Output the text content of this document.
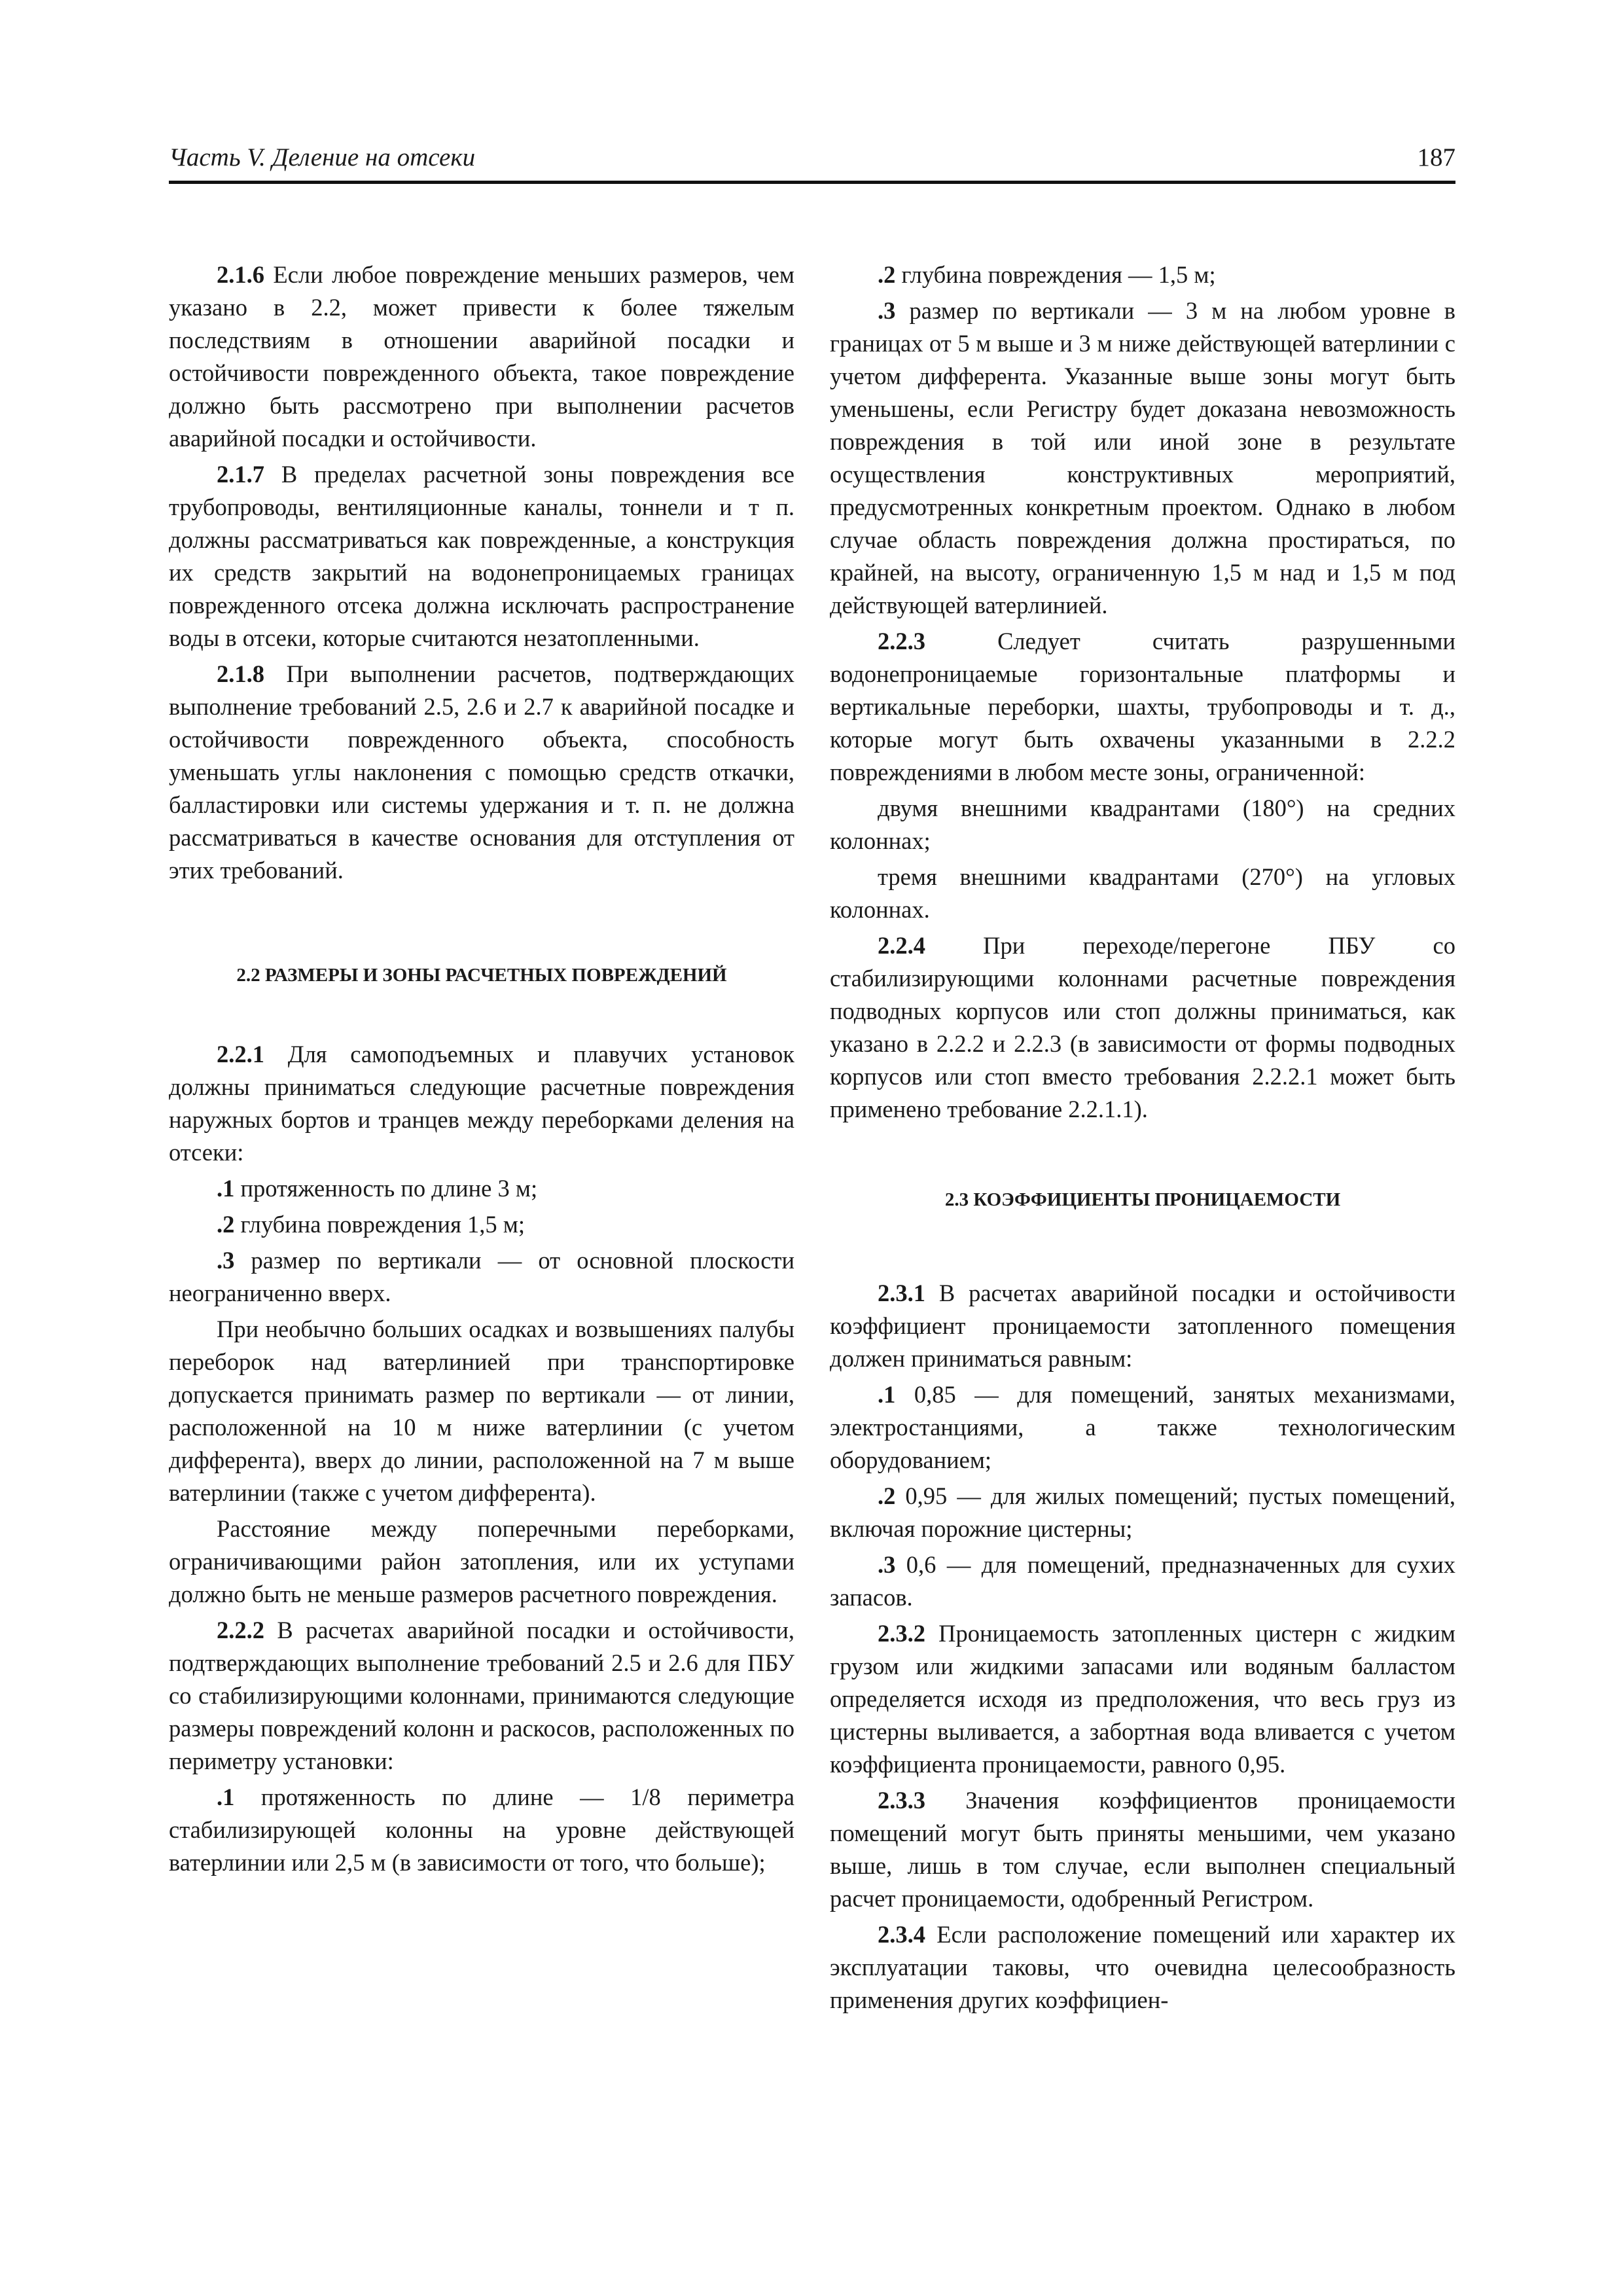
Часть V. Деление на отсеки	187

2.1.6 Если любое повреждение меньших размеров, чем указано в 2.2, может привести к более тяжелым последствиям в отношении аварийной посадки и остойчивости поврежденного объекта, такое повреждение должно быть рассмотрено при выполнении расчетов аварийной посадки и остойчивости.

2.1.7 В пределах расчетной зоны повреждения все трубопроводы, вентиляционные каналы, тоннели и т п. должны рассматриваться как поврежденные, а конструкция их средств закрытий на водонепроницаемых границах поврежденного отсека должна исключать распространение воды в отсеки, которые считаются незатопленными.

2.1.8 При выполнении расчетов, подтверждающих выполнение требований 2.5, 2.6 и 2.7 к аварийной посадке и остойчивости поврежденного объекта, способность уменьшать углы наклонения с помощью средств откачки, балластировки или системы удержания и т. п. не должна рассматриваться в качестве основания для отступления от этих требований.

2.2 РАЗМЕРЫ И ЗОНЫ РАСЧЕТНЫХ ПОВРЕЖДЕНИЙ

2.2.1 Для самоподъемных и плавучих установок должны приниматься следующие расчетные повреждения наружных бортов и транцев между переборками деления на отсеки:

.1 протяженность по длине 3 м;

.2 глубина повреждения 1,5 м;

.3 размер по вертикали — от основной плоскости неограниченно вверх.

При необычно больших осадках и возвышениях палубы переборок над ватерлинией при транспортировке допускается принимать размер по вертикали — от линии, расположенной на 10 м ниже ватерлинии (с учетом дифферента), вверх до линии, расположенной на 7 м выше ватерлинии (также с учетом дифферента).

Расстояние между поперечными переборками, ограничивающими район затопления, или их уступами должно быть не меньше размеров расчетного повреждения.

2.2.2 В расчетах аварийной посадки и остойчивости, подтверждающих выполнение требований 2.5 и 2.6 для ПБУ со стабилизирующими колоннами, принимаются следующие размеры повреждений колонн и раскосов, расположенных по периметру установки:

.1 протяженность по длине — 1/8 периметра стабилизирующей колонны на уровне действующей ватерлинии или 2,5 м (в зависимости от того, что больше);

.2 глубина повреждения — 1,5 м;

.3 размер по вертикали — 3 м на любом уровне в границах от 5 м выше и 3 м ниже действующей ватерлинии с учетом дифферента. Указанные выше зоны могут быть уменьшены, если Регистру будет доказана невозможность повреждения в той или иной зоне в результате осуществления конструктивных мероприятий, предусмотренных конкретным проектом. Однако в любом случае область повреждения должна простираться, по крайней, на высоту, ограниченную 1,5 м над и 1,5 м под действующей ватерлинией.

2.2.3 Следует считать разрушенными водонепроницаемые горизонтальные платформы и вертикальные переборки, шахты, трубопроводы и т. д., которые могут быть охвачены указанными в 2.2.2 повреждениями в любом месте зоны, ограниченной:

двумя внешними квадрантами (180°) на средних колоннах;

тремя внешними квадрантами (270°) на угловых колоннах.

2.2.4 При переходе/перегоне ПБУ со стабилизирующими колоннами расчетные повреждения подводных корпусов или стоп должны приниматься, как указано в 2.2.2 и 2.2.3 (в зависимости от формы подводных корпусов или стоп вместо требования 2.2.2.1 может быть применено требование 2.2.1.1).

2.3 КОЭФФИЦИЕНТЫ ПРОНИЦАЕМОСТИ

2.3.1 В расчетах аварийной посадки и остойчивости коэффициент проницаемости затопленного помещения должен приниматься равным:

.1 0,85 — для помещений, занятых механизмами, электростанциями, а также технологическим оборудованием;

.2 0,95 — для жилых помещений; пустых помещений, включая порожние цистерны;

.3 0,6 — для помещений, предназначенных для сухих запасов.

2.3.2 Проницаемость затопленных цистерн с жидким грузом или жидкими запасами или водяным балластом определяется исходя из предположения, что весь груз из цистерны выливается, а забортная вода вливается с учетом коэффициента проницаемости, равного 0,95.

2.3.3 Значения коэффициентов проницаемости помещений могут быть приняты меньшими, чем указано выше, лишь в том случае, если выполнен специальный расчет проницаемости, одобренный Регистром.

2.3.4 Если расположение помещений или характер их эксплуатации таковы, что очевидна целесообразность применения других коэффициен-
